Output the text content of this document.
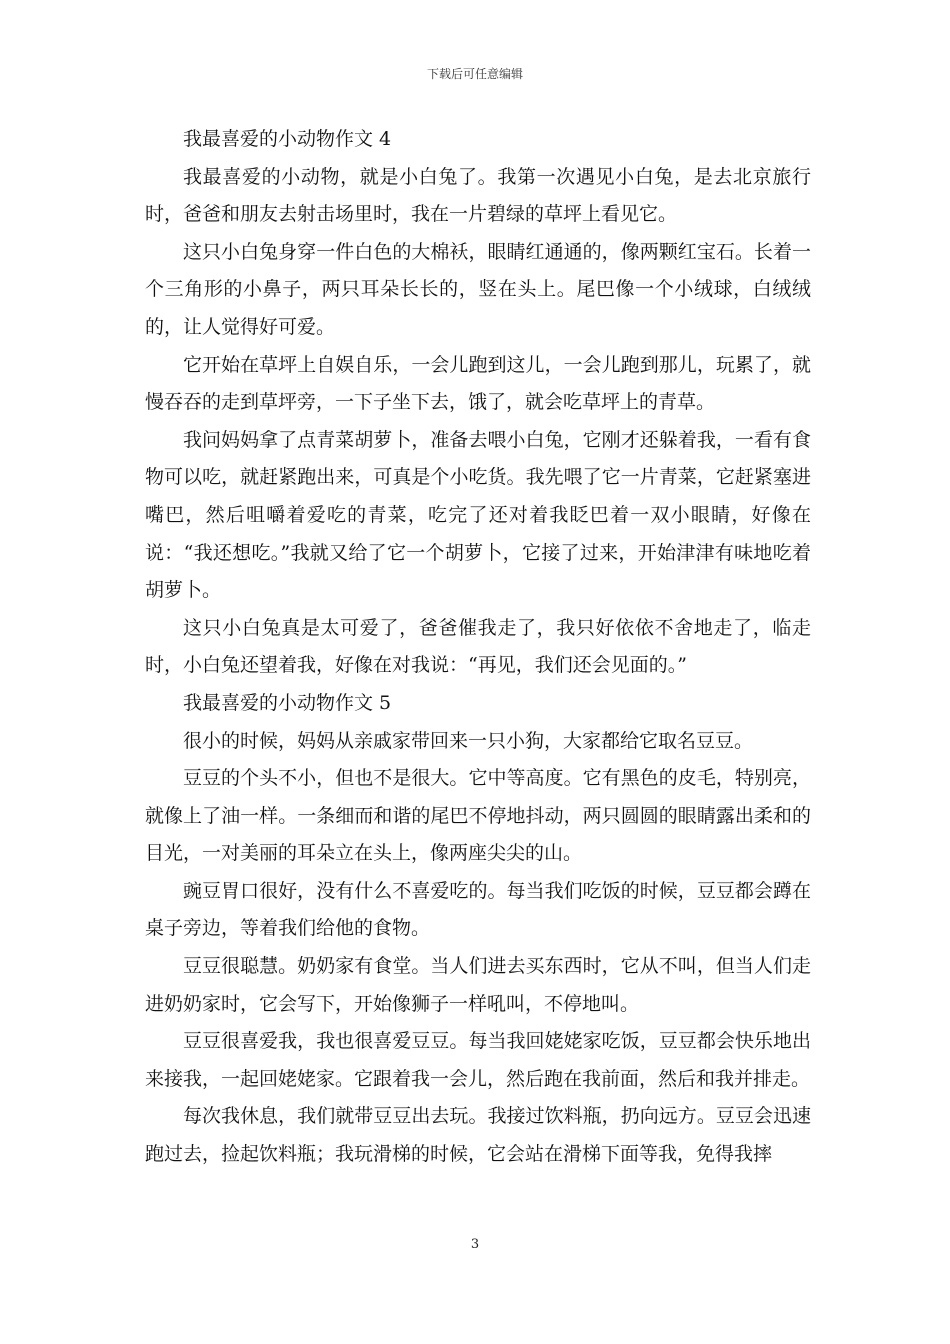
下载后可任意编辑

我最喜爱的小动物作文 4

我最喜爱的小动物，就是小白兔了。我第一次遇见小白兔，是去北京旅行时，爸爸和朋友去射击场里时，我在一片碧绿的草坪上看见它。

这只小白兔身穿一件白色的大棉袄，眼睛红通通的，像两颗红宝石。长着一个三角形的小鼻子，两只耳朵长长的，竖在头上。尾巴像一个小绒球，白绒绒的，让人觉得好可爱。

它开始在草坪上自娱自乐，一会儿跑到这儿，一会儿跑到那儿，玩累了，就慢吞吞的走到草坪旁，一下子坐下去，饿了，就会吃草坪上的青草。

我问妈妈拿了点青菜胡萝卜，准备去喂小白兔，它刚才还躲着我，一看有食物可以吃，就赶紧跑出来，可真是个小吃货。我先喂了它一片青菜，它赶紧塞进嘴巴，然后咀嚼着爱吃的青菜，吃完了还对着我眨巴着一双小眼睛，好像在说：“我还想吃。”我就又给了它一个胡萝卜，它接了过来，开始津津有味地吃着胡萝卜。

这只小白兔真是太可爱了，爸爸催我走了，我只好依依不舍地走了，临走时，小白兔还望着我，好像在对我说：“再见，我们还会见面的。”

我最喜爱的小动物作文 5

很小的时候，妈妈从亲戚家带回来一只小狗，大家都给它取名豆豆。

豆豆的个头不小，但也不是很大。它中等高度。它有黑色的皮毛，特别亮，就像上了油一样。一条细而和谐的尾巴不停地抖动，两只圆圆的眼睛露出柔和的目光，一对美丽的耳朵立在头上，像两座尖尖的山。

豌豆胃口很好，没有什么不喜爱吃的。每当我们吃饭的时候，豆豆都会蹲在桌子旁边，等着我们给他的食物。

豆豆很聪慧。奶奶家有食堂。当人们进去买东西时，它从不叫，但当人们走进奶奶家时，它会写下，开始像狮子一样吼叫，不停地叫。

豆豆很喜爱我，我也很喜爱豆豆。每当我回姥姥家吃饭，豆豆都会快乐地出来接我，一起回姥姥家。它跟着我一会儿，然后跑在我前面，然后和我并排走。

每次我休息，我们就带豆豆出去玩。我接过饮料瓶，扔向远方。豆豆会迅速跑过去，捡起饮料瓶；我玩滑梯的时候，它会站在滑梯下面等我，免得我摔

3
